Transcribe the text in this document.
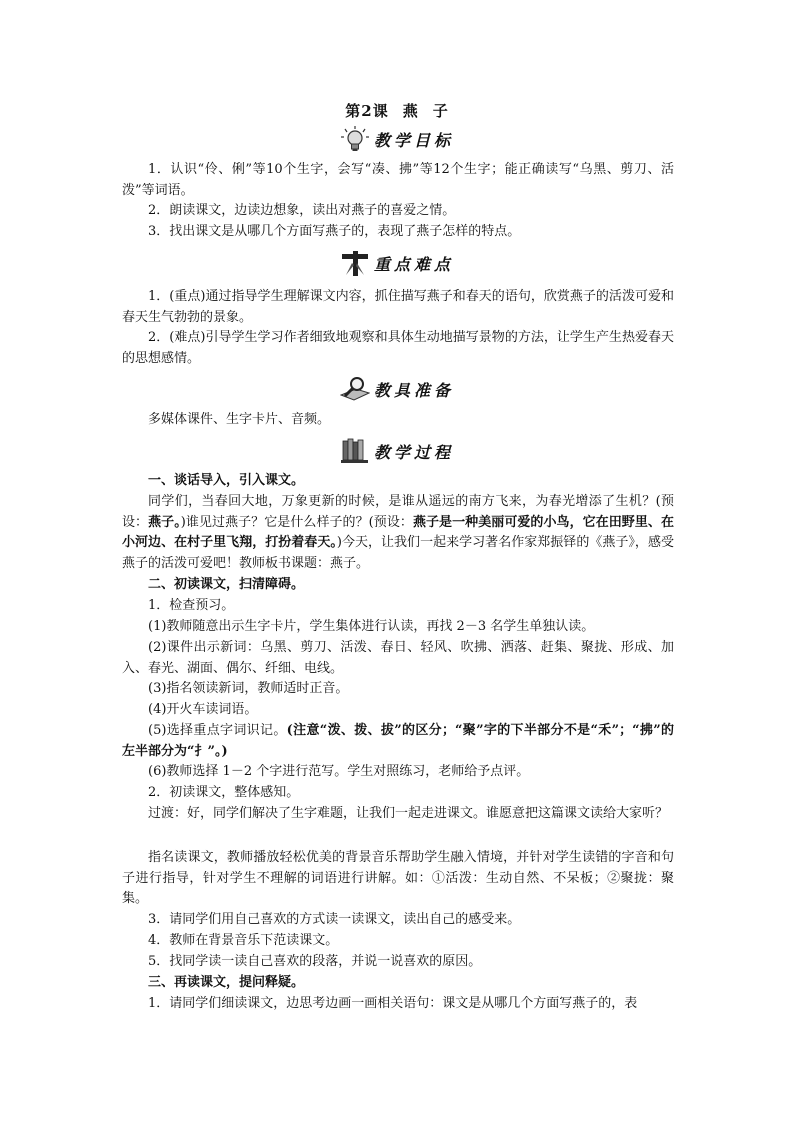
第2课 燕 子
教学目标

1．认识“伶、俐”等10个生字，会写“凑、拂”等12个生字；能正确读写“乌黑、剪刀、活泼”等词语。

2．朗读课文，边读边想象，读出对燕子的喜爱之情。

3．找出课文是从哪几个方面写燕子的，表现了燕子怎样的特点。

重点难点

1．(重点)通过指导学生理解课文内容，抓住描写燕子和春天的语句，欣赏燕子的活泼可爱和春天生气勃勃的景象。

2．(难点)引导学生学习作者细致地观察和具体生动地描写景物的方法，让学生产生热爱春天的思想感情。

教具准备

多媒体课件、生字卡片、音频。

教学过程

一、谈话导入，引入课文。

同学们，当春回大地，万象更新的时候，是谁从遥远的南方飞来，为春光增添了生机？(预设：燕子。)谁见过燕子？它是什么样子的？(预设：燕子是一种美丽可爱的小鸟，它在田野里、在小河边、在村子里飞翔，打扮着春天。)今天，让我们一起来学习著名作家郑振铎的《燕子》，感受燕子的活泼可爱吧！教师板书课题：燕子。

二、初读课文，扫清障碍。

1．检查预习。

(1)教师随意出示生字卡片，学生集体进行认读，再找 2－3 名学生单独认读。

(2)课件出示新词：乌黑、剪刀、活泼、春日、轻风、吹拂、洒落、赶集、聚拢、形成、加入、春光、湖面、偶尔、纤细、电线。

(3)指名领读新词，教师适时正音。

(4)开火车读词语。

(5)选择重点字词识记。(注意“泼、拨、拔”的区分；“聚”字的下半部分不是“禾”；“拂”的左半部分为“扌”。)

(6)教师选择 1－2 个字进行范写。学生对照练习，老师给予点评。

2．初读课文，整体感知。

过渡：好，同学们解决了生字难题，让我们一起走进课文。谁愿意把这篇课文读给大家听？

指名读课文，教师播放轻松优美的背景音乐帮助学生融入情境，并针对学生读错的字音和句子进行指导，针对学生不理解的词语进行讲解。如：①活泼：生动自然、不呆板；②聚拢：聚集。

3．请同学们用自己喜欢的方式读一读课文，读出自己的感受来。

4．教师在背景音乐下范读课文。

5．找同学读一读自己喜欢的段落，并说一说喜欢的原因。

三、再读课文，提问释疑。

1．请同学们细读课文，边思考边画一画相关语句：课文是从哪几个方面写燕子的，表
